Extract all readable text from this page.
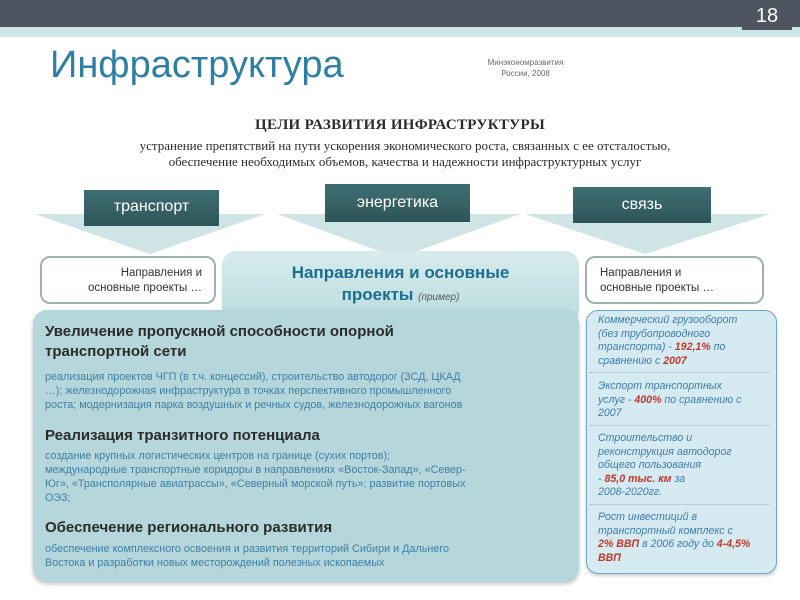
18
Инфраструктура	Минэкономразвития
России, 2008
ЦЕЛИ РАЗВИТИЯ ИНФРАСТРУКТУРЫ
устранение препятствий на пути ускорения экономического роста, связанных с ее отсталостью,
обеспечение необходимых объемов, качества и надежности инфраструктурных услуг
транспорт	энергетика	связь
Направления и
основные проекты …
Направления и
основные проекты …
Направления и основные
проекты (пример)
Увеличение пропускной способности опорной
транспортной сети
реализация проектов ЧГП (в т.ч. концессий), строительство автодорог (ЗСД, ЦКАД
…); железнодорожная инфраструктура в точках перспективного промышленного
роста; модернизация парка воздушных и речных судов, железнодорожных вагонов
Реализация транзитного потенциала
создание крупных логистических центров на границе (сухих портов);
международные транспортные коридоры в направлениях «Восток-Запад», «Север-
Юг», «Трансполярные авиатрассы», «Северный морской путь»; развитие портовых
ОЭЗ;
Обеспечение регионального развития
обеспечение комплексного освоения и развития территорий Сибири и Дальнего
Востока и разработки новых месторождений полезных ископаемых
Коммерческий грузооборот
(без трубопроводного
транспорта) - 192,1% по
сравнению с 2007
Экспорт транспортных
услуг - 400% по сравнению с
2007
Строительство и
реконструкция автодорог
общего пользования
- 85,0 тыс. км за
2008-2020гг.
Рост инвестиций в
транспортный комплекс с
2% ВВП в 2006 году до 4-4,5%
ВВП
